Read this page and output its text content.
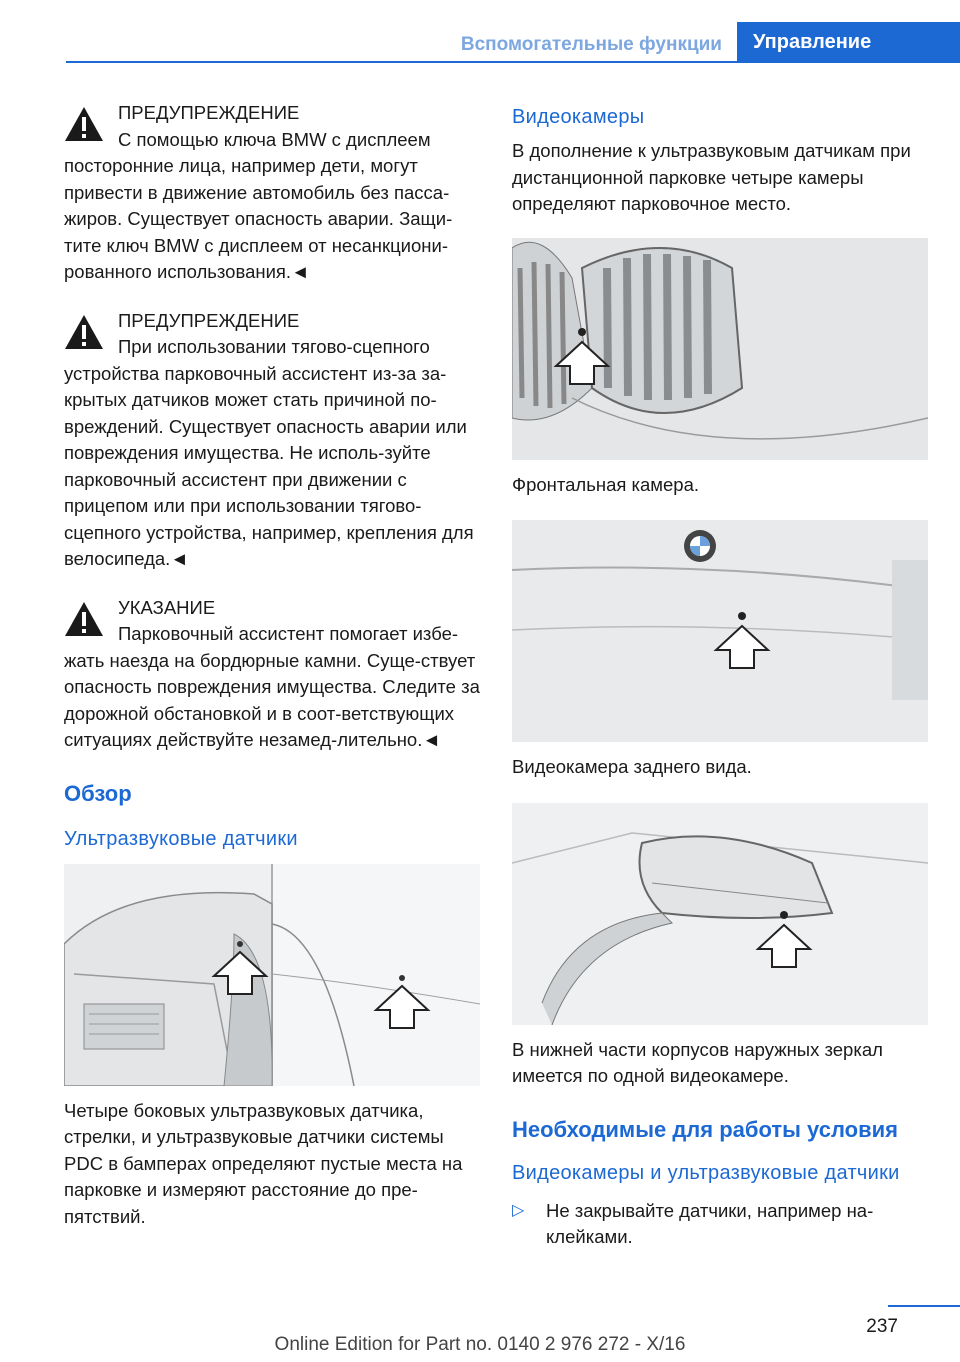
Вспомогательные функции	Управление
ПРЕДУПРЕЖДЕНИЕ
С помощью ключа BMW с дисплеем
посторонние лица, например дети, могут привести в движение автомобиль без пасса-жиров. Существует опасность аварии. Защи-тите ключ BMW с дисплеем от несанкциони-рованного использования.◄
ПРЕДУПРЕЖДЕНИЕ
При использовании тягово-сцепного
устройства парковочный ассистент из-за за-крытых датчиков может стать причиной по-вреждений. Существует опасность аварии или повреждения имущества. Не исполь-зуйте парковочный ассистент при движении с прицепом или при использовании тягово-сцепного устройства, например, крепления для велосипеда.◄
УКАЗАНИЕ
Парковочный ассистент помогает избе-
жать наезда на бордюрные камни. Суще-ствует опасность повреждения имущества. Следите за дорожной обстановкой и в соот-ветствующих ситуациях действуйте незамед-лительно.◄
Обзор
Ультразвуковые датчики

Четыре боковых ультразвуковых датчика, стрелки, и ультразвуковые датчики системы PDC в бамперах определяют пустые места на парковке и измеряют расстояние до пре-пятствий.

Видеокамеры

В дополнение к ультразвуковым датчикам при дистанционной парковке четыре камеры определяют парковочное место.

Фронтальная камера.

Видеокамера заднего вида.

В нижней части корпусов наружных зеркал имеется по одной видеокамере.

Необходимые для работы условия
Видеокамеры и ультразвуковые датчики
▷ Не закрывайте датчики, например на-клейками.
237
Online Edition for Part no. 0140 2 976 272 - X/16
